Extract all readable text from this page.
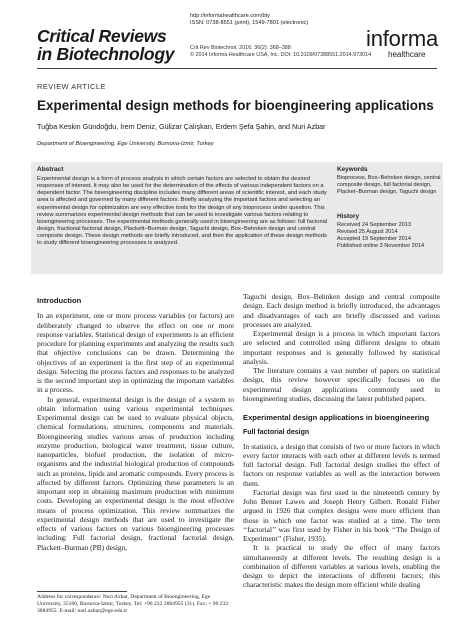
Critical Reviews
in Biotechnology
http://informahealthcare.com/bty
ISSN: 0738-8551 (print), 1549-7801 (electronic)
Crit Rev Biotechnol, 2016; 36(2): 368–388
© 2014 Informa Healthcare USA, Inc. DOI: 10.3109/07388551.2014.973014
informa
healthcare
REVIEW ARTICLE
Experimental design methods for bioengineering applications
Tuğba Keskin Gündoğdu, İrem Deniz, Gülizar Çalışkan, Erdem Şefa Şahin, and Nuri Azbar
Department of Bioengineering, Ege University, Bornova-Izmir, Turkey
Abstract
Experimental design is a form of process analysis in which certain factors are selected to obtain the desired responses of interest. It may also be used for the determination of the effects of various independent factors on a dependent factor. The bioengineering discipline includes many different areas of scientific interest, and each study area is affected and governed by many different factors. Briefly analyzing the important factors and selecting an experimental design for optimization are very effective tools for the design of any bioprocess under question. This review summarizes experimental design methods that can be used to investigate various factors relating to bioengineering processes. The experimental methods generally used in bioengineering are as follows: full factorial design, fractional factorial design, Plackett–Burman design, Taguchi design, Box–Behnken design and central composite design. These design methods are briefly introduced, and then the application of these design methods to study different bioengineering processes is analyzed.
Keywords
Bioprocess, Box–Behnken design, central composite design, full factorial design, Placket–Burman design, Taguchi design
History
Received 24 September 2013
Revised 25 August 2014
Accepted 19 September 2014
Published online 3 November 2014
Introduction

In an experiment, one or more process variables (or factors) are deliberately changed to observe the effect on one or more response variables. Statistical design of experiments is an efficient procedure for planning experiments and analyzing the results such that objective conclusions can be drawn. Determining the objectives of an experiment is the first step of an experimental design. Selecting the process factors and responses to be analyzed is the second important step in optimizing the important variables in a process.

In general, experimental design is the design of a system to obtain information using various experimental techniques. Experimental design can be used to evaluate physical objects, chemical formulations, structures, components and materials. Bioengineering studies various areas of production including enzyme production, biological water treatment, tissue culture, nanoparticles, biofuel production, the isolation of micro-organisms and the industrial biological production of compounds such as proteins, lipids and aromatic compounds. Every process is affected by different factors. Optimizing these parameters is an important step in obtaining maximum production with minimum costs. Developing an experimental design is the most effective means of process optimization. This review summarizes the experimental design methods that are used to investigate the effects of various factors on various bioengineering processes including: Full factorial design, fractional factorial design, Plackett–Burman (PB) design,

Taguchi design, Box–Behnken design and central composite design. Each design method is briefly introduced, the advantages and disadvantages of each are briefly discussed and various processes are analyzed.

Experimental design is a process in which important factors are selected and controlled using different designs to obtain important responses and is generally followed by statistical analysis.

The literature contains a vast number of papers on statistical design, this review however specifically focuses on the experimental design applications commonly used in bioengineering studies, discussing the latest published papers.

Experimental design applications in bioengineering
Full factorial design

In statistics, a design that consists of two or more factors in which every factor interacts with each other at different levels is termed full factorial design. Full factorial design studies the effect of factors on response variables as well as the interaction between them.

Factorial design was first used in the nineteenth century by John Bennet Lawes and Joseph Henry Gilbert. Ronald Fisher argued in 1926 that complex designs were more efficient than those in which one factor was studied at a time. The term ‘‘factorial’’ was first used by Fisher in his book ‘‘The Design of Experiment’’ (Fisher, 1935).

It is practical to study the effect of many factors simultaneously at different levels. The resulting design is a combination of different variables at various levels, enabling the design to depict the interactions of different factors; this characteristic makes the design more efficient while dealing

Address for correspondence: Nuri Azbar, Department of Bioengineering, Ege University, 35100, Bornova-Izmir, Turkey. Tel: +90 232 3884955 (31). Fax: + 90 232 3884955. E-mail: nuri.azbar@ege.edu.tr
